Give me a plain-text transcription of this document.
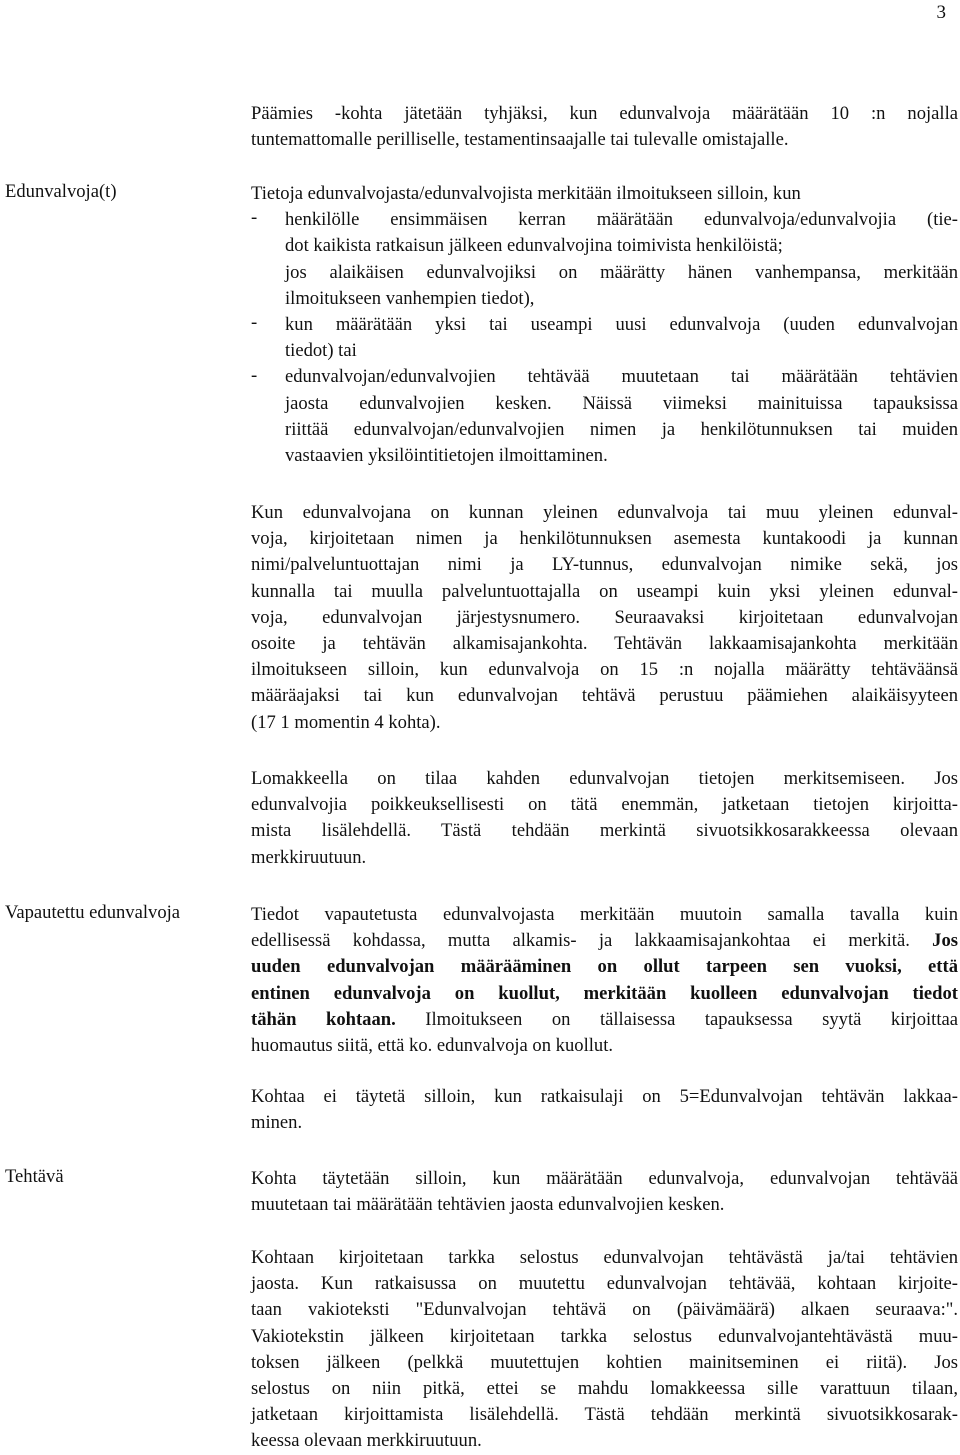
3
Päämies -kohta jätetään tyhjäksi, kun edunvalvoja määrätään 10 :n nojalla
tuntemattomalle perilliselle, testamentinsaajalle tai tulevalle omistajalle.
Edunvalvoja(t)	Tietoja edunvalvojasta/edunvalvojista merkitään ilmoitukseen silloin, kun
henkilölle ensimmäisen kerran määrätään edunvalvoja/edunvalvojia (tie-
dot kaikista ratkaisun jälkeen edunvalvojina toimivista henkilöistä;
jos alaikäisen edunvalvojiksi on määrätty hänen vanhempansa, merkitään
ilmoitukseen vanhempien tiedot),
kun määrätään yksi tai useampi uusi edunvalvoja (uuden edunvalvojan
tiedot) tai
edunvalvojan/edunvalvojien tehtävää muutetaan tai määrätään tehtävien
jaosta edunvalvojien kesken. Näissä viimeksi mainituissa tapauksissa
riittää edunvalvojan/edunvalvojien nimen ja henkilötunnuksen tai muiden
vastaavien yksilöintitietojen ilmoittaminen.
-
-
-
Kun edunvalvojana on kunnan yleinen edunvalvoja tai muu yleinen edunval-
voja, kirjoitetaan nimen ja henkilötunnuksen asemesta kuntakoodi ja kunnan
nimi/palveluntuottajan nimi ja LY-tunnus, edunvalvojan nimike sekä, jos
kunnalla tai muulla palveluntuottajalla on useampi kuin yksi yleinen edunval-
voja, edunvalvojan järjestysnumero. Seuraavaksi kirjoitetaan edunvalvojan
osoite ja tehtävän alkamisajankohta. Tehtävän lakkaamisajankohta merkitään
ilmoitukseen silloin, kun edunvalvoja on 15 :n nojalla määrätty tehtäväänsä
määräajaksi tai kun edunvalvojan tehtävä perustuu päämiehen alaikäisyyteen
(17 1 momentin 4 kohta).
Lomakkeella on tilaa kahden edunvalvojan tietojen merkitsemiseen. Jos
edunvalvojia poikkeuksellisesti on tätä enemmän, jatketaan tietojen kirjoitta-
mista lisälehdellä. Tästä tehdään merkintä sivuotsikkosarakkeessa olevaan
merkkiruutuun.
Vapautettu edunvalvoja	Tiedot vapautetusta edunvalvojasta merkitään muutoin samalla tavalla kuin
edellisessä kohdassa, mutta alkamis- ja lakkaamisajankohtaa ei merkitä. Jos
uuden edunvalvojan määrääminen on ollut tarpeen sen vuoksi, että
entinen edunvalvoja on kuollut, merkitään kuolleen edunvalvojan tiedot
tähän kohtaan. Ilmoitukseen on tällaisessa tapauksessa syytä kirjoittaa
huomautus siitä, että ko. edunvalvoja on kuollut.
Kohtaa ei täytetä silloin, kun ratkaisulaji on 5=Edunvalvojan tehtävän lakkaa-
minen.
Tehtävä	Kohta täytetään silloin, kun määrätään edunvalvoja, edunvalvojan tehtävää
muutetaan tai määrätään tehtävien jaosta edunvalvojien kesken.
Kohtaan kirjoitetaan tarkka selostus edunvalvojan tehtävästä ja/tai tehtävien
jaosta. Kun ratkaisussa on muutettu edunvalvojan tehtävää, kohtaan kirjoite-
taan vakioteksti "Edunvalvojan tehtävä on (päivämäärä) alkaen seuraava:".
Vakiotekstin jälkeen kirjoitetaan tarkka selostus edunvalvojantehtävästä muu-
toksen jälkeen (pelkkä muutettujen kohtien mainitseminen ei riitä). Jos
selostus on niin pitkä, ettei se mahdu lomakkeessa sille varattuun tilaan,
jatketaan kirjoittamista lisälehdellä. Tästä tehdään merkintä sivuotsikkosarak-
keessa olevaan merkkiruutuun.
